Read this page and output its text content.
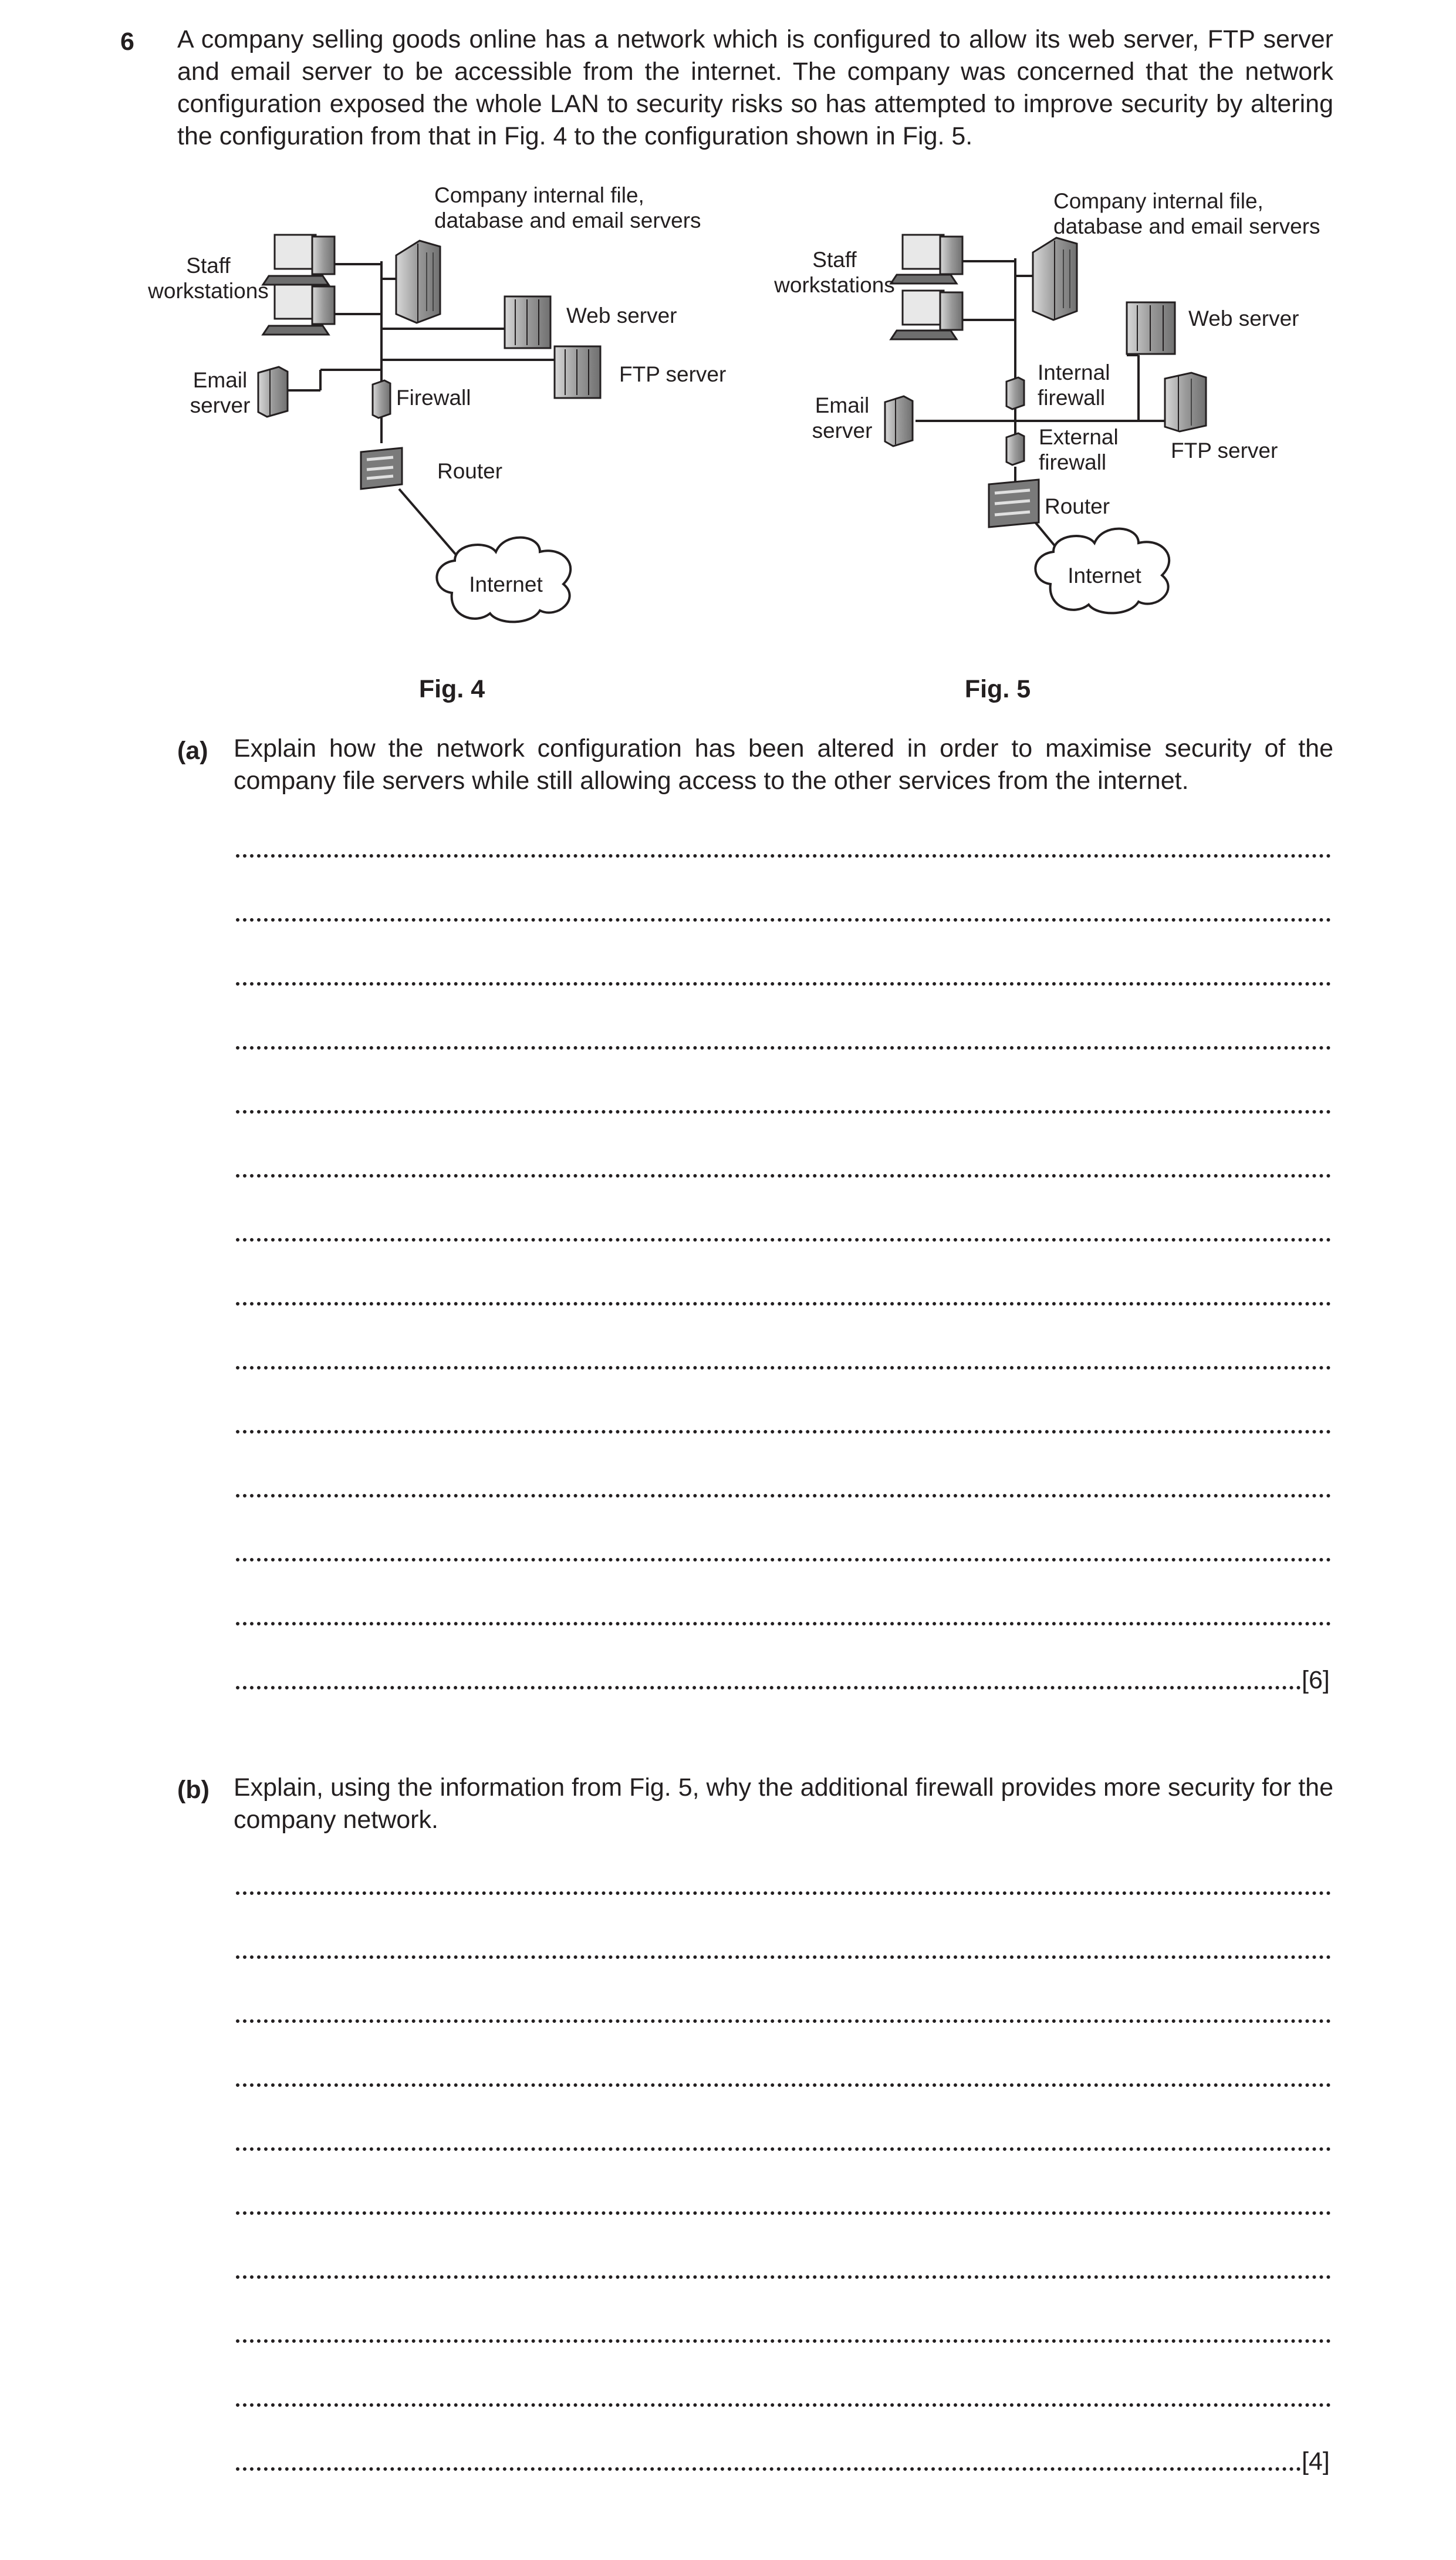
6 A company selling goods online has a network which is configured to allow its web server, FTP server and email server to be accessible from the internet. The company was concerned that the network configuration exposed the whole LAN to security risks so has attempted to improve security by altering the configuration from that in Fig. 4 to the configuration shown in Fig. 5.
Company internal file,
database and email servers
Staff
workstations
Web server
FTP server
Email
server	Firewall
Router
Internet
Fig. 4
Company internal file,
database and email servers
Staff
workstations
Web server
Internal
firewall
Email
server	External
firewall	FTP server
Router
Internet
Fig. 5
(a) Explain how the network configuration has been altered in order to maximise security of the company file servers while still allowing access to the other services from the internet.
[6]
(b) Explain, using the information from Fig. 5, why the additional firewall provides more security for the company network.
[4]
